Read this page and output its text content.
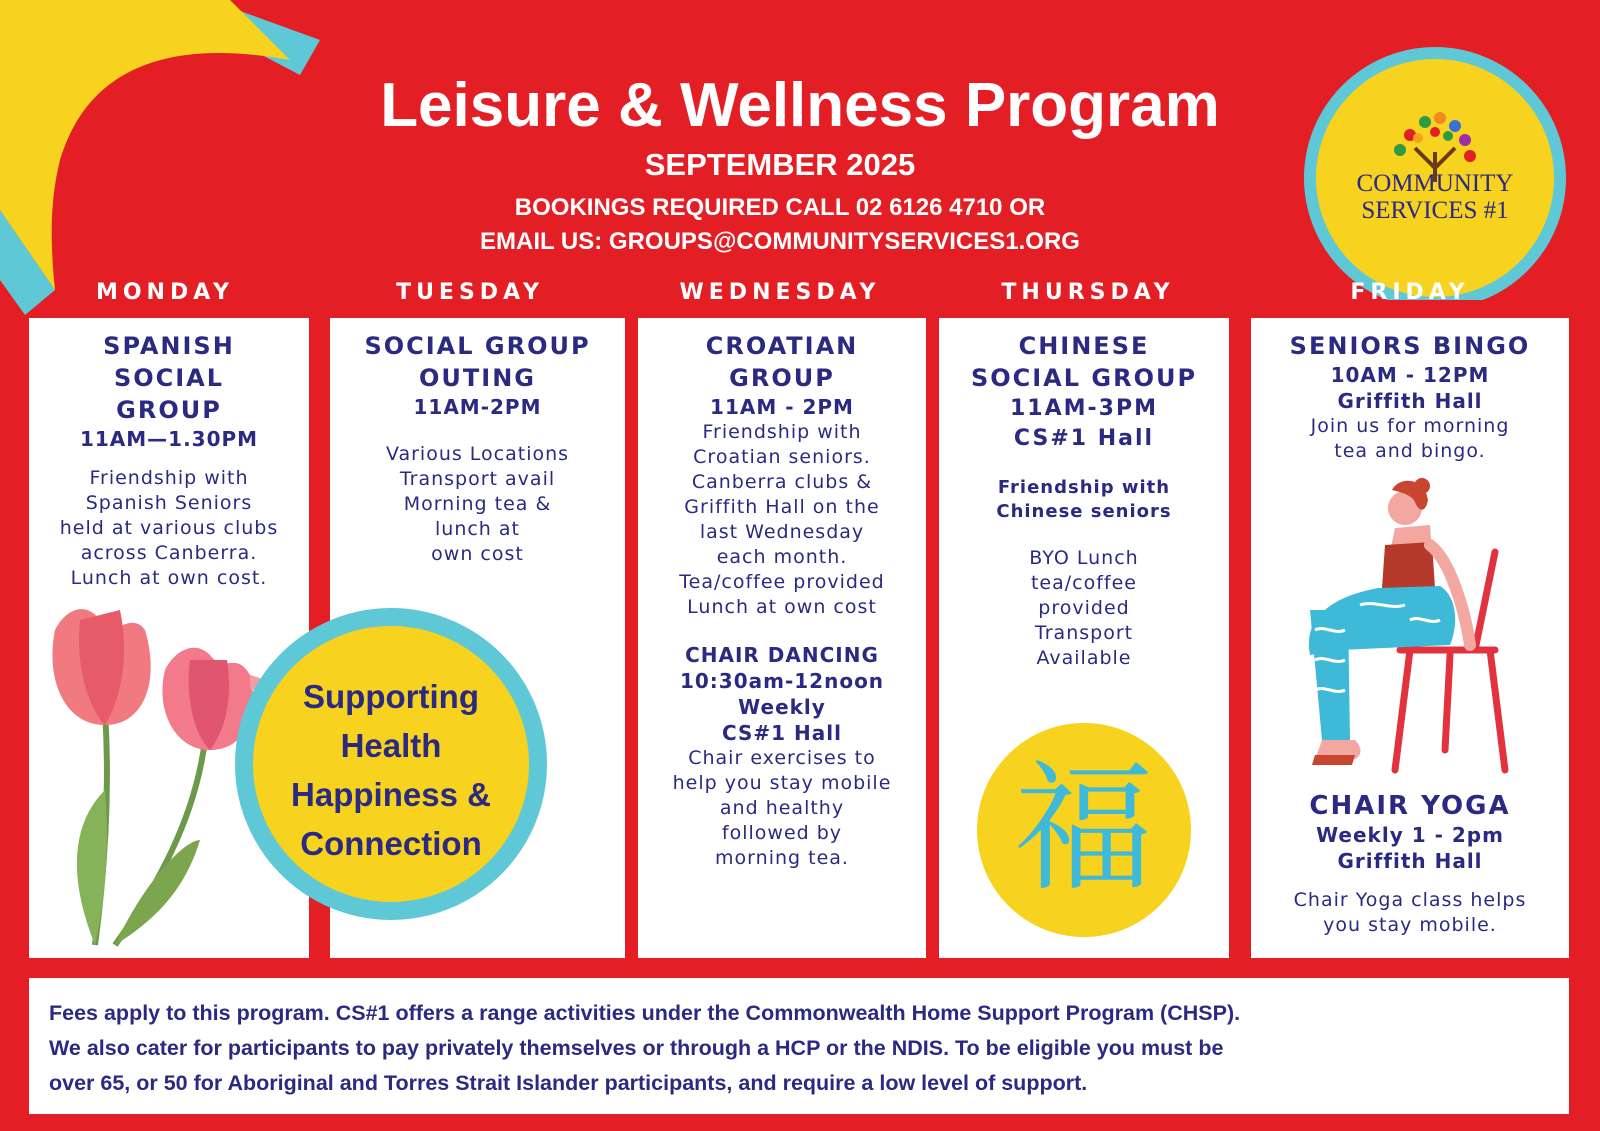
Leisure & Wellness Program
SEPTEMBER 2025
BOOKINGS REQUIRED CALL 02 6126 4710 OR
EMAIL US: GROUPS@COMMUNITYSERVICES1.ORG
COMMUNITY
SERVICES #1
MONDAY	TUESDAY	WEDNESDAY	THURSDAY	FRIDAY
SPANISH
SOCIAL
GROUP
11AM—1.30PM
Friendship with
Spanish Seniors
held at various clubs
across Canberra.
Lunch at own cost.
SOCIAL GROUP
OUTING
11AM-2PM
Various Locations
Transport avail
Morning tea &
lunch at
own cost
CROATIAN
GROUP
11AM - 2PM
Friendship with
Croatian seniors.
Canberra clubs &
Griffith Hall on the
last Wednesday
each month.
Tea/coffee provided
Lunch at own cost
CHAIR DANCING
10:30am-12noon
Weekly
CS#1 Hall
Chair exercises to
help you stay mobile
and healthy
followed by
morning tea.
CHINESE
SOCIAL GROUP
11AM-3PM
CS#1 Hall
Friendship with
Chinese seniors
BYO Lunch
tea/coffee
provided
Transport
Available
福
SENIORS BINGO
10AM - 12PM
Griffith Hall
Join us for morning
tea and bingo.
CHAIR YOGA
Weekly 1 - 2pm
Griffith Hall
Chair Yoga class helps
you stay mobile.
Supporting
Health
Happiness &
Connection
Fees apply to this program. CS#1 offers a range activities under the Commonwealth Home Support Program (CHSP).
We also cater for participants to pay privately themselves or through a HCP or the NDIS. To be eligible you must be
over 65, or 50 for Aboriginal and Torres Strait Islander participants, and require a low level of support.
